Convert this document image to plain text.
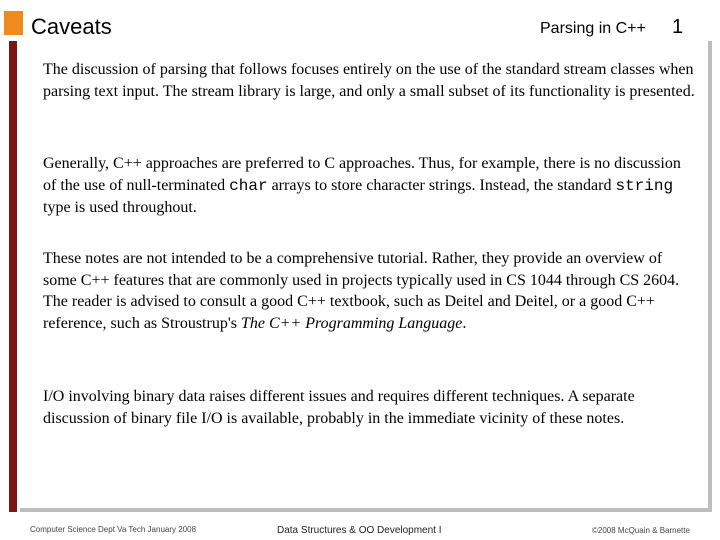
Caveats	Parsing in C++ 1

The discussion of parsing that follows focuses entirely on the use of the standard stream classes when parsing text input. The stream library is large, and only a small subset of its functionality is presented.

Generally, C++ approaches are preferred to C approaches. Thus, for example, there is no discussion of the use of null-terminated char arrays to store character strings. Instead, the standard string type is used throughout.

These notes are not intended to be a comprehensive tutorial. Rather, they provide an overview of some C++ features that are commonly used in projects typically used in CS 1044 through CS 2604. The reader is advised to consult a good C++ textbook, such as Deitel and Deitel, or a good C++ reference, such as Stroustrup's The C++ Programming Language.

I/O involving binary data raises different issues and requires different techniques. A separate discussion of binary file I/O is available, probably in the immediate vicinity of these notes.

Computer Science Dept Va Tech January 2008	Data Structures & OO Development I	©2008 McQuain & Barnette
